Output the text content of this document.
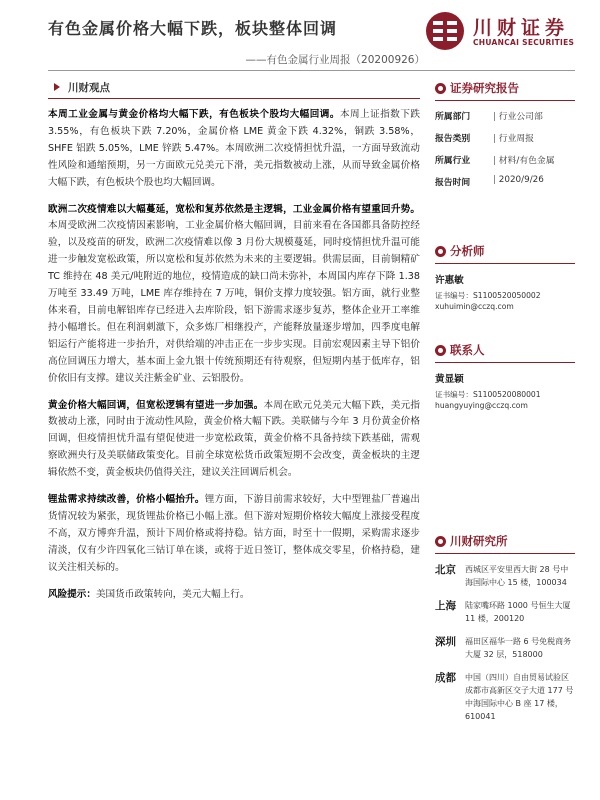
有色金属价格大幅下跌，板块整体回调	川财证券
CHUANCAI SECURITIES
——有色金属行业周报（20200926）
川财观点

本周工业金属与黄金价格均大幅下跌，有色板块个股均大幅回调。本周上证指数下跌 3.55%，有色板块下跌 7.20%，金属价格 LME 黄金下跌 4.32%，铜跌 3.58%，SHFE 铝跌 5.05%，LME 锌跌 5.47%。本周欧洲二次疫情担忧升温，一方面导致流动性风险和通缩预期，另一方面欧元兑美元下滑，美元指数被动上涨，从而导致金属价格大幅下跌，有色板块个股也均大幅回调。

欧洲二次疫情难以大幅蔓延，宽松和复苏依然是主逻辑，工业金属价格有望重回升势。本周受欧洲二次疫情因素影响，工业金属价格大幅回调，目前来看在各国都具备防控经验，以及疫苗的研发，欧洲二次疫情难以像 3 月份大规模蔓延，同时疫情担忧升温可能进一步触发宽松政策，所以宽松和复苏依然为未来的主要逻辑。供需层面，目前铜精矿 TC 维持在 48 美元/吨附近的地位，疫情造成的缺口尚未弥补，本周国内库存下降 1.38 万吨至 33.49 万吨，LME 库存维持在 7 万吨，铜价支撑力度较强。铝方面，就行业整体来看，目前电解铝库存已经进入去库阶段，铝下游需求逐步复苏，整体企业开工率维持小幅增长。但在利润刺激下，众多炼厂相继投产，产能释放量逐步增加，四季度电解铝运行产能将进一步抬升，对供给端的冲击正在一步步实现。目前宏观因素主导下铝价高位回调压力增大，基本面上金九银十传统预期还有待观察，但短期内基于低库存，铝价依旧有支撑。建议关注紫金矿业、云铝股份。

黄金价格大幅回调，但宽松逻辑有望进一步加强。本周在欧元兑美元大幅下跌，美元指数被动上涨，同时由于流动性风险，黄金价格大幅下跌。美联储与今年 3 月份黄金价格回调，但疫情担忧升温有望促使进一步宽松政策，黄金价格不具备持续下跌基础，需观察欧洲央行及美联储政策变化。目前全球宽松货币政策短期不会改变，黄金板块的主逻辑依然不变，黄金板块仍值得关注，建议关注回调后机会。

锂盐需求持续改善，价格小幅抬升。锂方面，下游目前需求较好，大中型锂盐厂普遍出货情况较为紧张，现货锂盐价格已小幅上涨。但下游对短期价格较大幅度上涨接受程度不高，双方博弈升温，预计下周价格或将持稳。钴方面，时至十一假期，采购需求逐步清淡，仅有少许四氧化三钴订单在谈，或将于近日签订，整体成交零星，价格持稳，建议关注相关标的。

风险提示：美国货币政策转向，美元大幅上行。

证券研究报告
所属部门	| 行业公司部
报告类别	| 行业周报
所属行业	| 材料/有色金属
报告时间	| 2020/9/26
分析师
许惠敏
证书编号：S1100520050002
xuhuimin@cczq.com
联系人
黄显颖
证书编号：S1100520080001
huangyuying@cczq.com
川财研究所
北京	西城区平安里西大街 28 号中海国际中心 15 楼，100034
上海	陆家嘴环路 1000 号恒生大厦 11 楼，200120
深圳	福田区福华一路 6 号免税商务大厦 32 层，518000
成都	中国（四川）自由贸易试验区成都市高新区交子大道 177 号中海国际中心 B 座 17 楼，610041
